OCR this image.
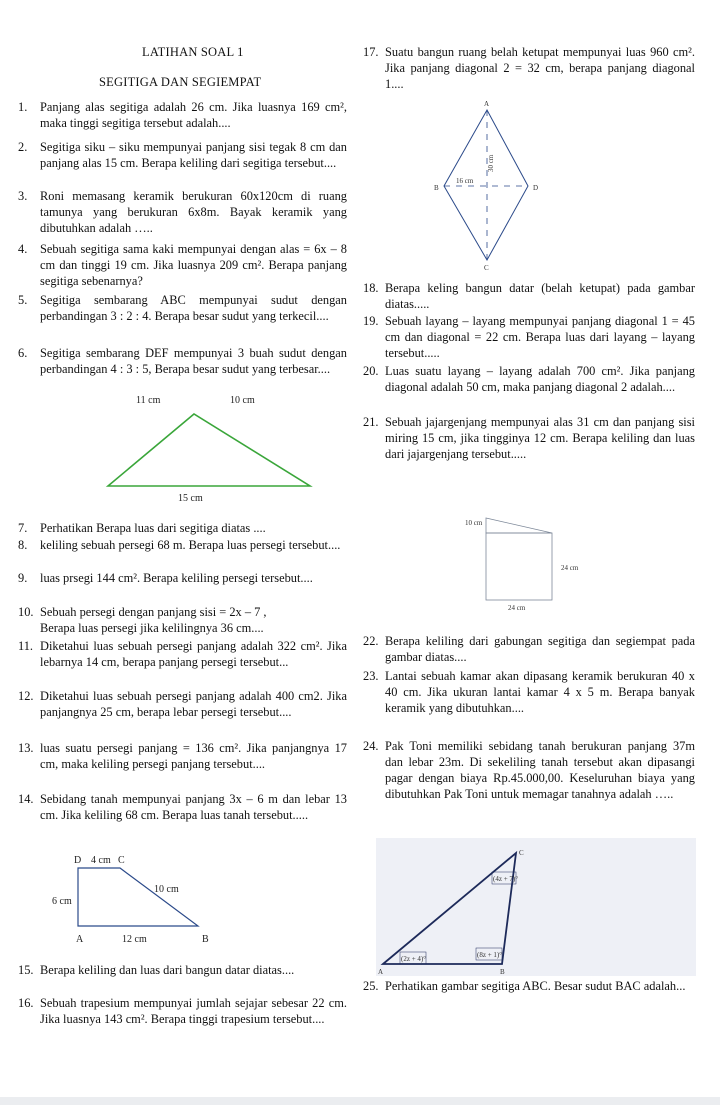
LATIHAN SOAL 1
SEGITIGA DAN SEGIEMPAT
1. Panjang alas segitiga adalah 26 cm. Jika luasnya 169 cm², maka tinggi segitiga tersebut adalah....
2. Segitiga siku – siku mempunyai panjang sisi tegak 8 cm dan panjang alas 15 cm. Berapa keliling dari segitiga tersebut....
3. Roni memasang keramik berukuran 60x120cm di ruang tamunya yang berukuran 6x8m. Bayak keramik yang dibutuhkan adalah …..
4. Sebuah segitiga sama kaki mempunyai dengan alas = 6x – 8 cm dan tinggi 19 cm. Jika luasnya 209 cm². Berapa panjang segitiga sebenarnya?
5. Segitiga sembarang ABC mempunyai sudut dengan perbandingan 3 : 2 : 4. Berapa besar sudut yang terkecil....
6. Segitiga sembarang DEF mempunyai 3 buah sudut dengan perbandingan 4 : 3 : 5, Berapa besar sudut yang terbesar....
11 cm	10 cm
15 cm
7. Perhatikan Berapa luas dari segitiga diatas ....
8. keliling sebuah persegi 68 m. Berapa luas persegi tersebut....
9. luas prsegi 144 cm². Berapa keliling persegi tersebut....
10. Sebuah persegi dengan panjang sisi = 2x – 7 ,
Berapa luas persegi jika kelilingnya 36 cm....
11. Diketahui luas sebuah persegi panjang adalah 322 cm². Jika lebarnya 14 cm, berapa panjang persegi tersebut...
12. Diketahui luas sebuah persegi panjang adalah 400 cm2. Jika panjangnya 25 cm, berapa lebar persegi tersebut....
13. luas suatu persegi panjang = 136 cm². Jika panjangnya 17 cm, maka keliling persegi panjang tersebut....
14. Sebidang tanah mempunyai panjang 3x – 6 m dan lebar 13 cm. Jika keliling 68 cm. Berapa luas tanah tersebut.....
D 4 cm C
6 cm
10 cm
A	12 cm	B
15. Berapa keliling dan luas dari bangun datar diatas....
16. Sebuah trapesium mempunyai jumlah sejajar sebesar 22 cm. Jika luasnya 143 cm². Berapa tinggi trapesium tersebut....
17. Suatu bangun ruang belah ketupat mempunyai luas 960 cm². Jika panjang diagonal 2 = 32 cm, berapa panjang diagonal 1....
A
B
C
D
16 cm
30 cm
18. Berapa keling bangun datar (belah ketupat) pada gambar diatas.....
19. Sebuah layang – layang mempunyai panjang diagonal 1 = 45 cm dan diagonal = 22 cm. Berapa luas dari layang – layang tersebut.....
20. Luas suatu layang – layang adalah 700 cm². Jika panjang diagonal adalah 50 cm, maka panjang diagonal 2 adalah....
21. Sebuah jajargenjang mempunyai alas 31 cm dan panjang sisi miring 15 cm, jika tingginya 12 cm. Berapa keliling dan luas dari jajargenjang tersebut.....
10 cm
24 cm
24 cm
22. Berapa keliling dari gabungan segitiga dan segiempat pada gambar diatas....
23. Lantai sebuah kamar akan dipasang keramik berukuran 40 x 40 cm. Jika ukuran lantai kamar 4 x 5 m. Berapa banyak keramik yang dibutuhkan....
24. Pak Toni memiliki sebidang tanah berukuran panjang 37m dan lebar 23m. Di sekeliling tanah tersebut akan dipasangi pagar dengan biaya Rp.45.000,00. Keseluruhan biaya yang dibutuhkan Pak Toni untuk memagar tanahnya adalah …..
A	B
C
(4z + 7)°
(2z + 4)°	(8z + 1)°
25. Perhatikan gambar segitiga ABC. Besar sudut BAC adalah...
